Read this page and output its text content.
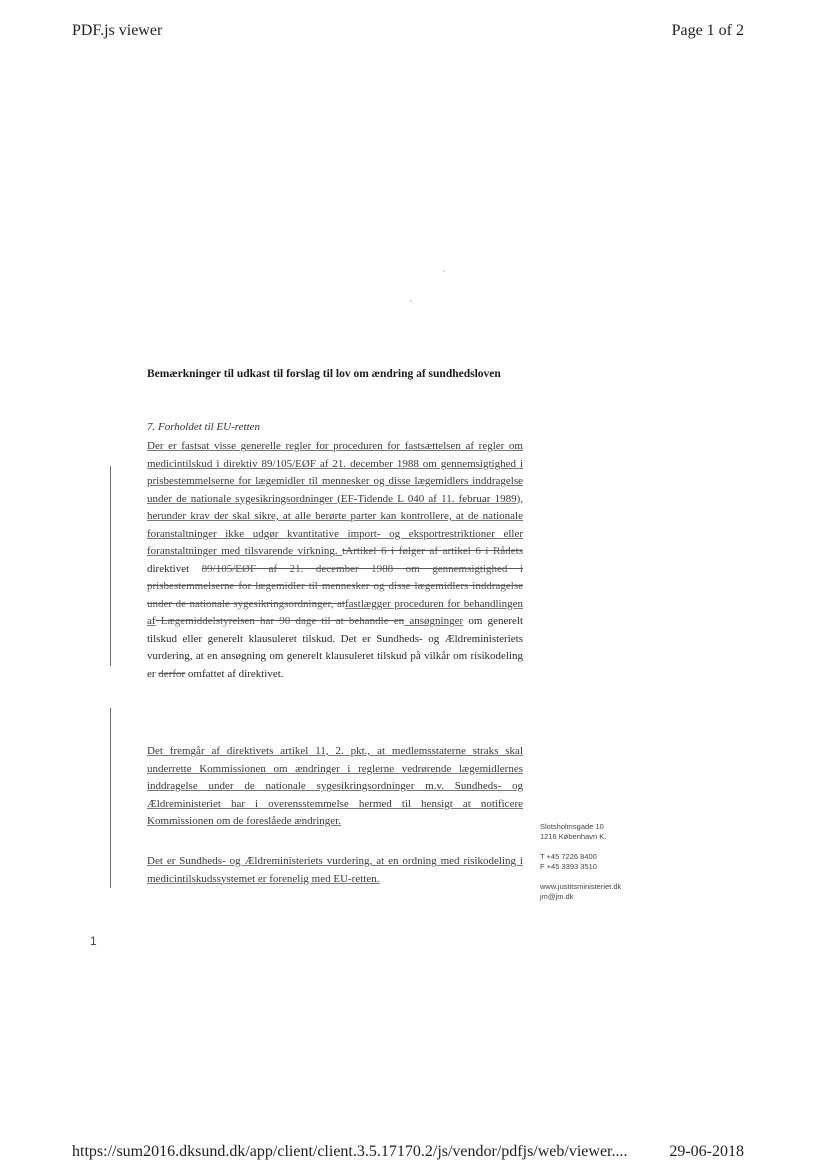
PDF.js viewer	Page 1 of 2
Bemærkninger til udkast til forslag til lov om ændring af sundhedsloven
7. Forholdet til EU-retten
Der er fastsat visse generelle regler for proceduren for fastsættelsen af regler om medicintilskud i direktiv 89/105/EØF af 21. december 1988 om gennemsigtighed i prisbestemmelserne for lægemidler til mennesker og disse lægemidlers inddragelse under de nationale sygesikringsordninger (EF-Tidende L 040 af 11. februar 1989), herunder krav der skal sikre, at alle berørte parter kan kontrollere, at de nationale foranstaltninger ikke udgør kvantitative import- og eksportrestriktioner eller foranstaltninger med tilsvarende virkning. tArtikel 6 i følger af artikel 6 i Rådets direktivet 89/105/EØF af 21. december 1988 om gennemsigtighed i prisbestemmelserne for lægemidler til mennesker og disse lægemidlers inddragelse under de nationale sygesikringsordninger, atfastlægger proceduren for behandlingen af Lægemiddelstyrelsen har 90 dage til at behandle en ansøgninger om generelt tilskud eller generelt klausuleret tilskud. Det er Sundheds- og Ældreministeriets vurdering, at en ansøgning om generelt klausuleret tilskud på vilkår om risikodeling er derfor omfattet af direktivet.
Det fremgår af direktivets artikel 11, 2. pkt., at medlemsstaterne straks skal underrette Kommissionen om ændringer i reglerne vedrørende lægemidlernes inddragelse under de nationale sygesikringsordninger m.v. Sundheds- og Ældreministeriet har i overensstemmelse hermed til hensigt at notificere Kommissionen om de foreslåede ændringer.
Det er Sundheds- og Ældreministeriets vurdering, at en ordning med risikodeling i medicintilskudssystemet er forenelig med EU-retten.
Slotsholmsgade 10
1216 København K.
T +45 7226 8400
F +45 3393 3510
www.justitsministeriet.dk
jm@jm.dk
1
https://sum2016.dksund.dk/app/client/client.3.5.17170.2/js/vendor/pdfjs/web/viewer....	29-06-2018
